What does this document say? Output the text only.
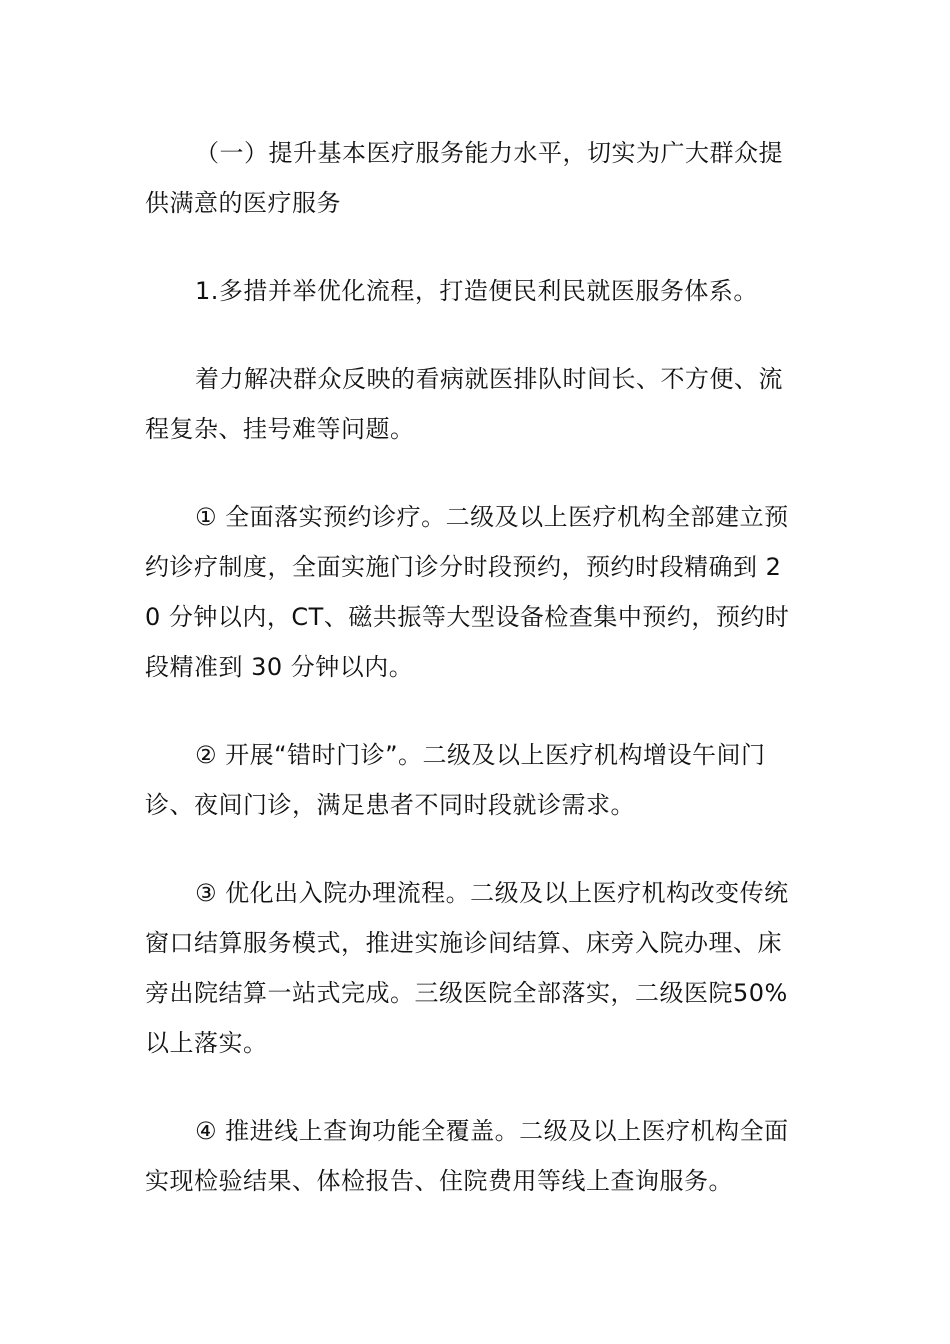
（一）提升基本医疗服务能力水平，切实为广大群众提供满意的医疗服务

1.多措并举优化流程，打造便民利民就医服务体系。

着力解决群众反映的看病就医排队时间长、不方便、流程复杂、挂号难等问题。

① 全面落实预约诊疗。二级及以上医疗机构全部建立预约诊疗制度，全面实施门诊分时段预约，预约时段精确到 20 分钟以内，CT、磁共振等大型设备检查集中预约，预约时段精准到 30 分钟以内。

② 开展“错时门诊”。二级及以上医疗机构增设午间门诊、夜间门诊，满足患者不同时段就诊需求。

③ 优化出入院办理流程。二级及以上医疗机构改变传统窗口结算服务模式，推进实施诊间结算、床旁入院办理、床旁出院结算一站式完成。三级医院全部落实，二级医院50%以上落实。

④ 推进线上查询功能全覆盖。二级及以上医疗机构全面实现检验结果、体检报告、住院费用等线上查询服务。
